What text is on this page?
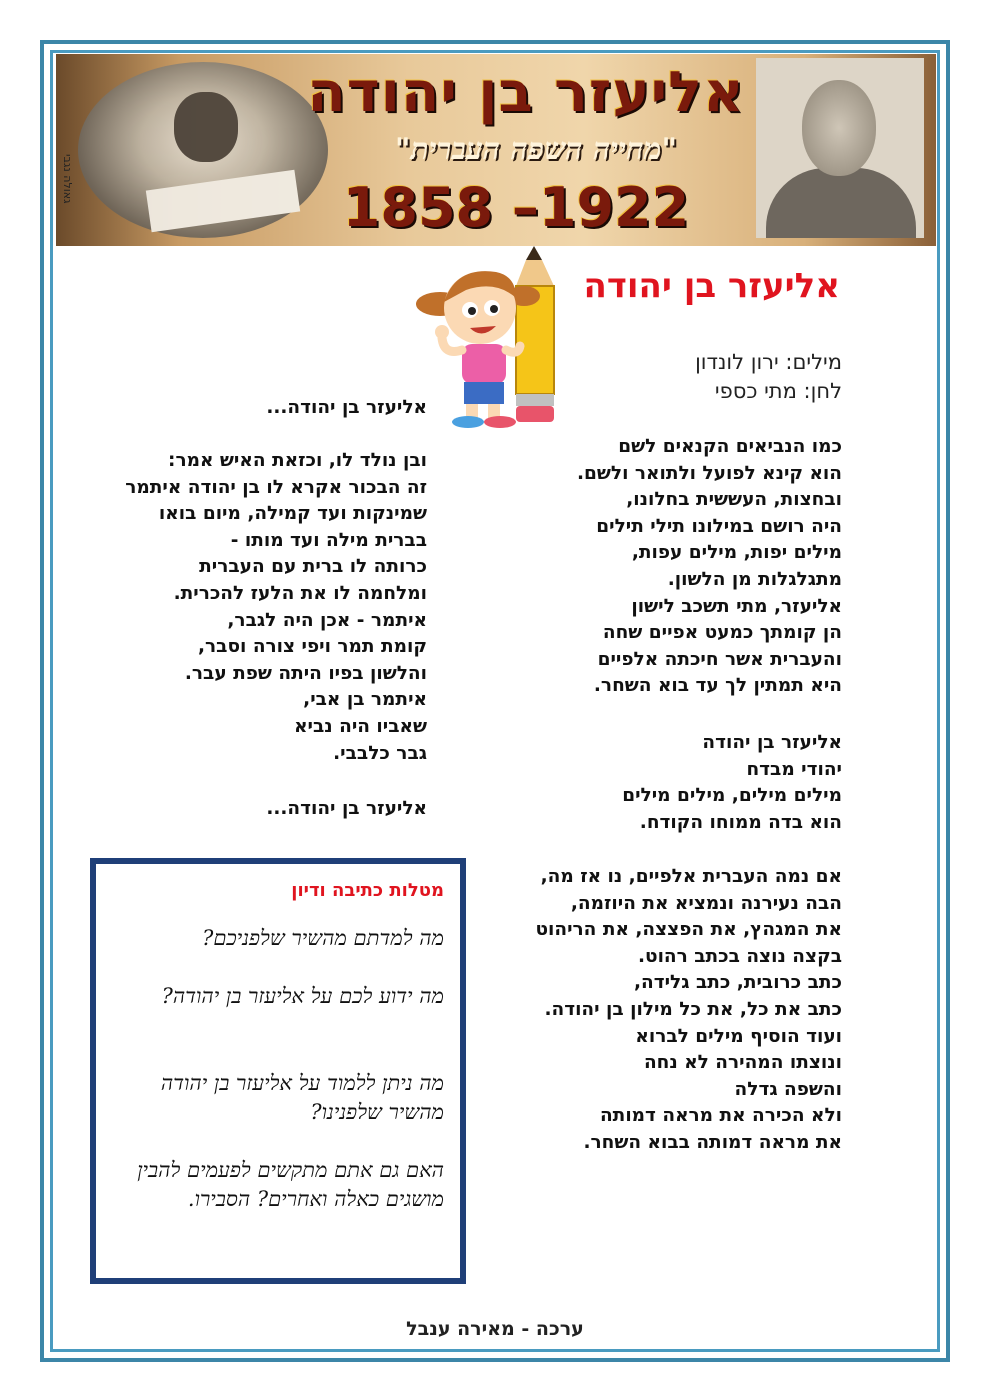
גאולה נגבי
אליעזר בן יהודה
"מחייה השפה העברית"
1858 –1922
אליעזר בן יהודה
מילים: ירון לונדון
לחן: מתי כספי
כמו הנביאים הקנאים לשם
הוא קינא לפועל ולתואר ולשם.
ובחצות, העששית בחלונו,
היה רושם במילונו תילי תילים
מילים יפות, מילים עפות,
מתגלגלות מן הלשון.
אליעזר, מתי תשכב לישון
הן קומתך כמעט אפיים שחה
והעברית אשר חיכתה אלפיים
היא תמתין לך עד בוא השחר.
אליעזר בן יהודה
יהודי מבדח
מילים מילים, מילים מילים
הוא בדה ממוחו הקודח.
אם נמה העברית אלפיים, נו אז מה,
הבה נעירנה ונמציא את היוזמה,
את המגהץ, את הפצצה, את הריהוט
בקצה נוצה בכתב רהוט.
כתב כרובית, כתב גלידה,
כתב את כל, את כל מילון בן יהודה.
ועוד הוסיף מילים לברוא
ונוצתו המהירה לא נחה
והשפה גדלה
ולא הכירה את מראה דמותה
את מראה דמותה בבוא השחר.
אליעזר בן יהודה...
ובן נולד לו, וכזאת האיש אמר:
זה הבכור אקרא לו בן יהודה איתמר
שמינקות ועד קמילה, מיום בואו
בברית מילה ועד מותו -
כרותה לו ברית עם העברית
ומלחמה לו את הלעז להכרית.
איתמר - אכן היה לגבר,
קומת תמר ויפי צורה וסבר,
והלשון בפיו היתה שפת עבר.
איתמר בן אבי,
שאביו היה נביא
גבר כלבבי.
אליעזר בן יהודה...
מטלות כתיבה ודיון
מה למדתם מהשיר שלפניכם?
מה ידוע לכם על אליעזר בן יהודה?
מה ניתן ללמוד על אליעזר בן יהודה מהשיר שלפנינו?
האם גם אתם מתקשים לפעמים להבין מושגים כאלה ואחרים? הסבירו.
ערכה - מאירה ענבל
